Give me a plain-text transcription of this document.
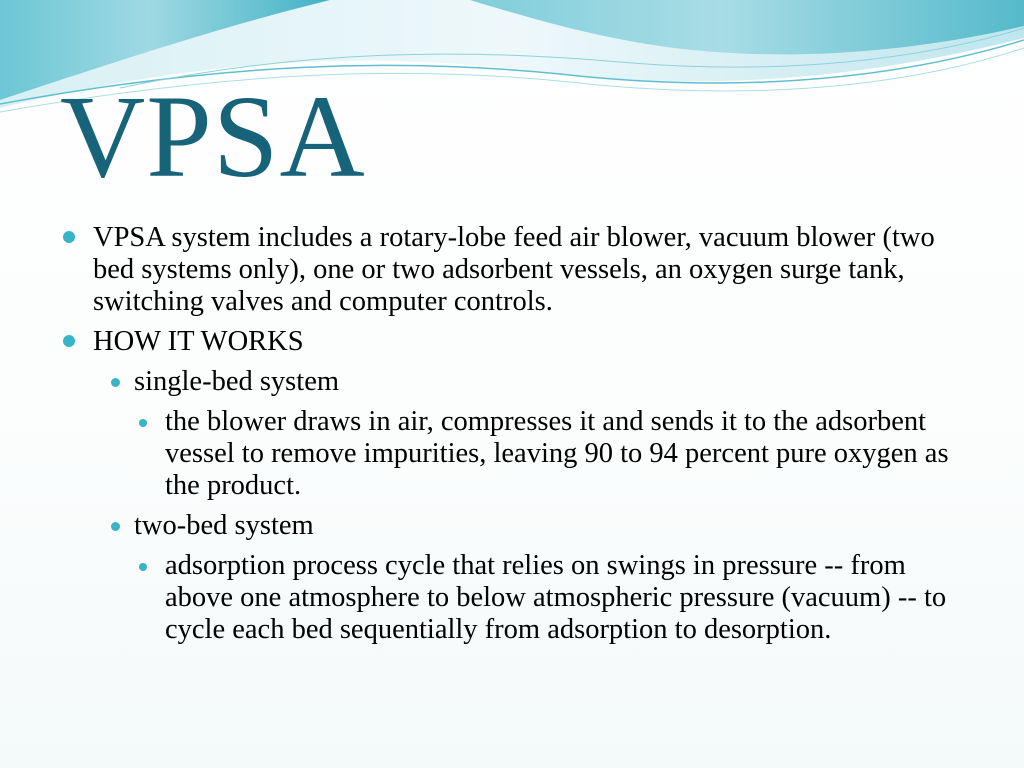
VPSA
VPSA system includes a rotary-lobe feed air blower, vacuum blower (two bed systems only), one or two adsorbent vessels, an oxygen surge tank, switching valves and computer controls.
HOW IT WORKS
single-bed system
the blower draws in air, compresses it and sends it to the adsorbent vessel to remove impurities, leaving 90 to 94 percent pure oxygen as the product.
two-bed system
adsorption process cycle that relies on swings in pressure -- from above one atmosphere to below atmospheric pressure (vacuum) -- to cycle each bed sequentially from adsorption to desorption.
